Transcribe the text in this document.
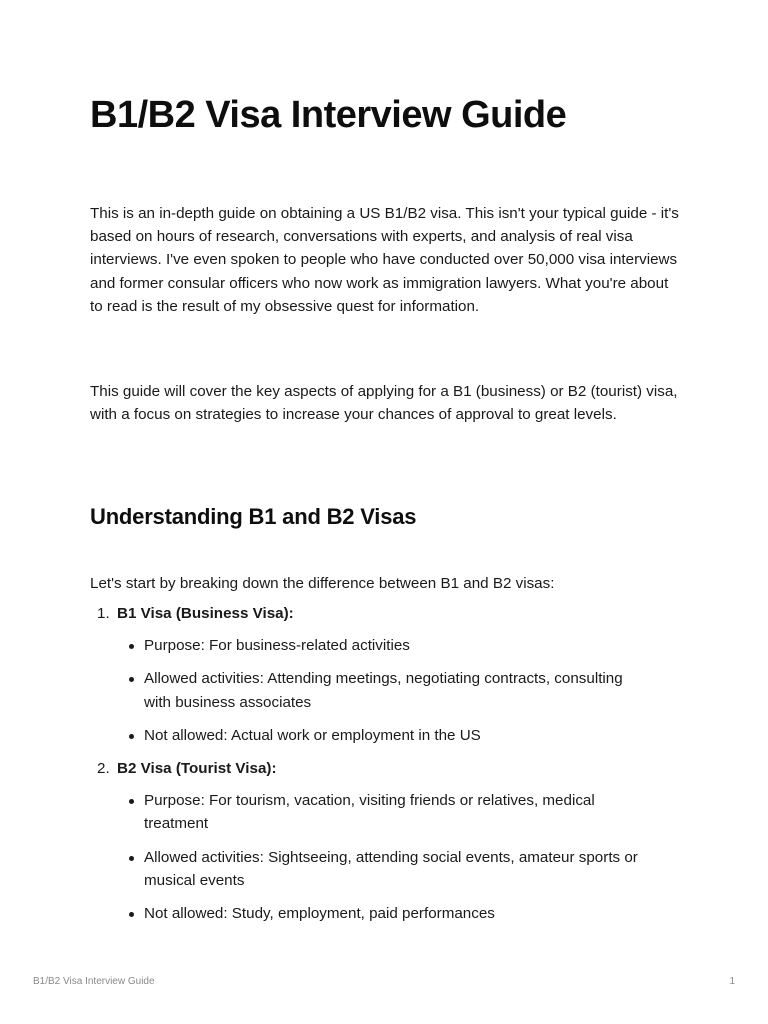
B1/B2 Visa Interview Guide

This is an in-depth guide on obtaining a US B1/B2 visa. This isn't your typical guide - it's based on hours of research, conversations with experts, and analysis of real visa interviews. I've even spoken to people who have conducted over 50,000 visa interviews and former consular officers who now work as immigration lawyers. What you're about to read is the result of my obsessive quest for information.

This guide will cover the key aspects of applying for a B1 (business) or B2 (tourist) visa, with a focus on strategies to increase your chances of approval to great levels.

Understanding B1 and B2 Visas

Let's start by breaking down the difference between B1 and B2 visas:

1. B1 Visa (Business Visa):
Purpose: For business-related activities
Allowed activities: Attending meetings, negotiating contracts, consulting with business associates
Not allowed: Actual work or employment in the US
2. B2 Visa (Tourist Visa):
Purpose: For tourism, vacation, visiting friends or relatives, medical treatment
Allowed activities: Sightseeing, attending social events, amateur sports or musical events
Not allowed: Study, employment, paid performances
B1/B2 Visa Interview Guide	1
